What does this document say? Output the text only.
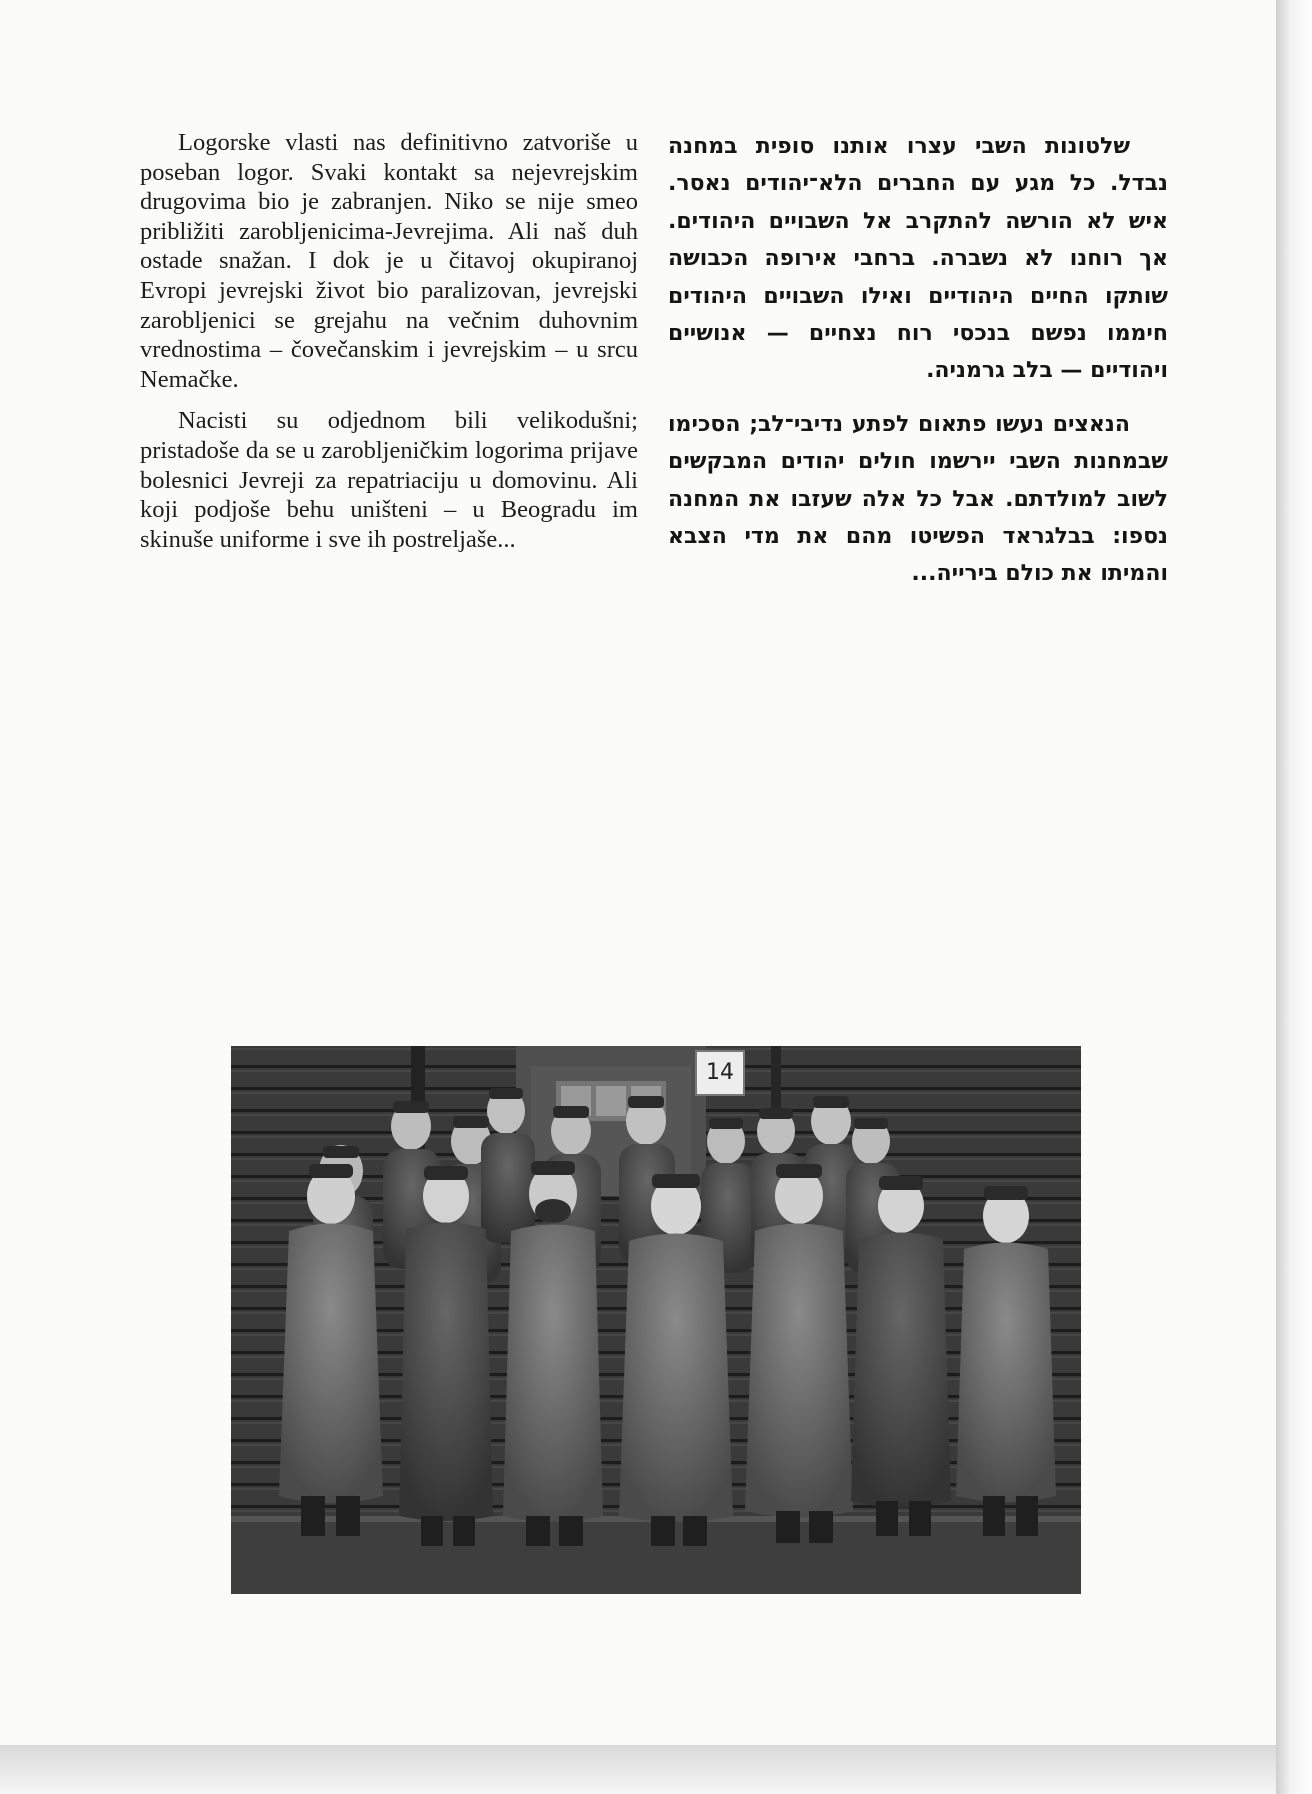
Logorske vlasti nas definitivno zatvoriše u poseban logor. Svaki kontakt sa nejevrejskim drugovima bio je zabranjen. Niko se nije smeo približiti zarobljenicima-Jevrejima. Ali naš duh ostade snažan. I dok je u čitavoj okupiranoj Evropi jevrejski život bio paralizovan, jevrejski zarobljenici se grejahu na večnim duhovnim vrednostima – čovečanskim i jevrejskim – u srcu Nemačke.

Nacisti su odjednom bili velikodušni; pristadoše da se u zarobljeničkim logorima prijave bolesnici Jevreji za repatriaciju u domovinu. Ali koji podjoše behu uništeni – u Beogradu im skinuše uniforme i sve ih postreljaše...

שלטונות השבי עצרו אותנו סופית במחנה נבדל. כל מגע עם החברים הלא־יהודים נאסר. איש לא הורשה להתקרב אל השבויים היהודים. אך רוחנו לא נשברה. ברחבי אירופה הכבושה שותקו החיים היהודיים ואילו השבויים היהודים חיממו נפשם בנכסי רוח נצחיים — אנושיים ויהודיים — בלב גרמניה.

הנאצים נעשו פתאום לפתע נדיבי־לב; הסכימו שבמחנות השבי יירשמו חולים יהודים המבקשים לשוב למולדתם. אבל כל אלה שעזבו את המחנה נספו: בבלגראד הפשיטו מהם את מדי הצבא והמיתו את כולם בירייה...

14
